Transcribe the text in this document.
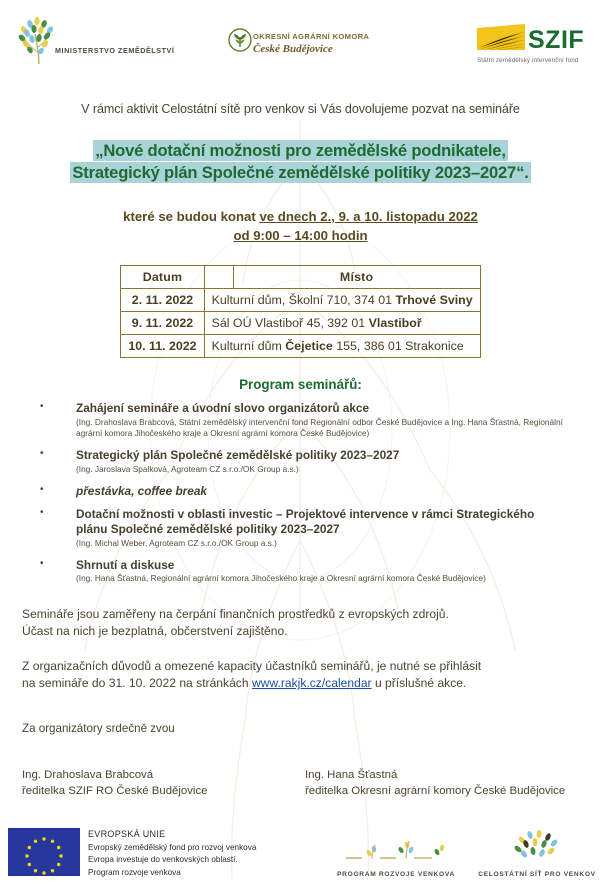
MINISTERSTVO ZEMĚDĚLSTVÍ
OKRESNÍ AGRÁRNÍ KOMORA
České Budějovice	SZIF
Státní zemědělský intervenční fond

V rámci aktivit Celostátní sítě pro venkov si Vás dovolujeme pozvat na semináře

„Nové dotační možnosti pro zemědělské podnikatele,
Strategický plán Společné zemědělské politiky 2023–2027“.
které se budou konat ve dnech 2., 9. a 10. listopadu 2022
od 9:00 – 14:00 hodin
Datum		Místo
2. 11. 2022	Kulturní dům, Školní 710, 374 01 Trhové Sviny	
9. 11. 2022	Sál OÚ Vlastiboř 45, 392 01 Vlastiboř	
10. 11. 2022	Kulturní dům Čejetice 155, 386 01 Strakonice	
Program seminářů:
• Zahájení semináře a úvodní slovo organizátorů akce
(Ing. Drahoslava Brabcová, Státní zemědělský intervenční fond Regionální odbor České Budějovice a Ing. Hana Šťastná, Regionální agrární komora Jihočeského kraje a Okresní agrární komora České Budějovice)
• Strategický plán Společné zemědělské politiky 2023–2027
(Ing. Jaroslava Spalková, Agroteam CZ s.r.o./OK Group a.s.)
• přestávka, coffee break
• Dotační možnosti v oblasti investic – Projektové intervence v rámci Strategického plánu Společné zemědělské politiky 2023–2027
(Ing. Michal Weber, Agroteam CZ s.r.o./OK Group a.s.)
• Shrnutí a diskuse
(Ing. Hana Šťastná, Regionální agrární komora Jihočeského kraje a Okresní agrární komora České Budějovice)

Semináře jsou zaměřeny na čerpání finančních prostředků z evropských zdrojů.
Účast na nich je bezplatná, občerstvení zajištěno.

Z organizačních důvodů a omezené kapacity účastníků seminářů, je nutné se přihlásit
na semináře do 31. 10. 2022 na stránkách www.rakjk.cz/calendar u příslušné akce.

Za organizátory srdečně zvou
Ing. Drahoslava Brabcová
ředitelka SZIF RO České Budějovice
Ing. Hana Šťastná
ředitelka Okresní agrární komory České Budějovice
EVROPSKÁ UNIE
Evropský zemědělský fond pro rozvoj venkova
Evropa investuje do venkovských oblastí.
Program rozvoje venkova	PROGRAM ROZVOJE VENKOVA	CELOSTÁTNÍ SÍŤ PRO VENKOV
